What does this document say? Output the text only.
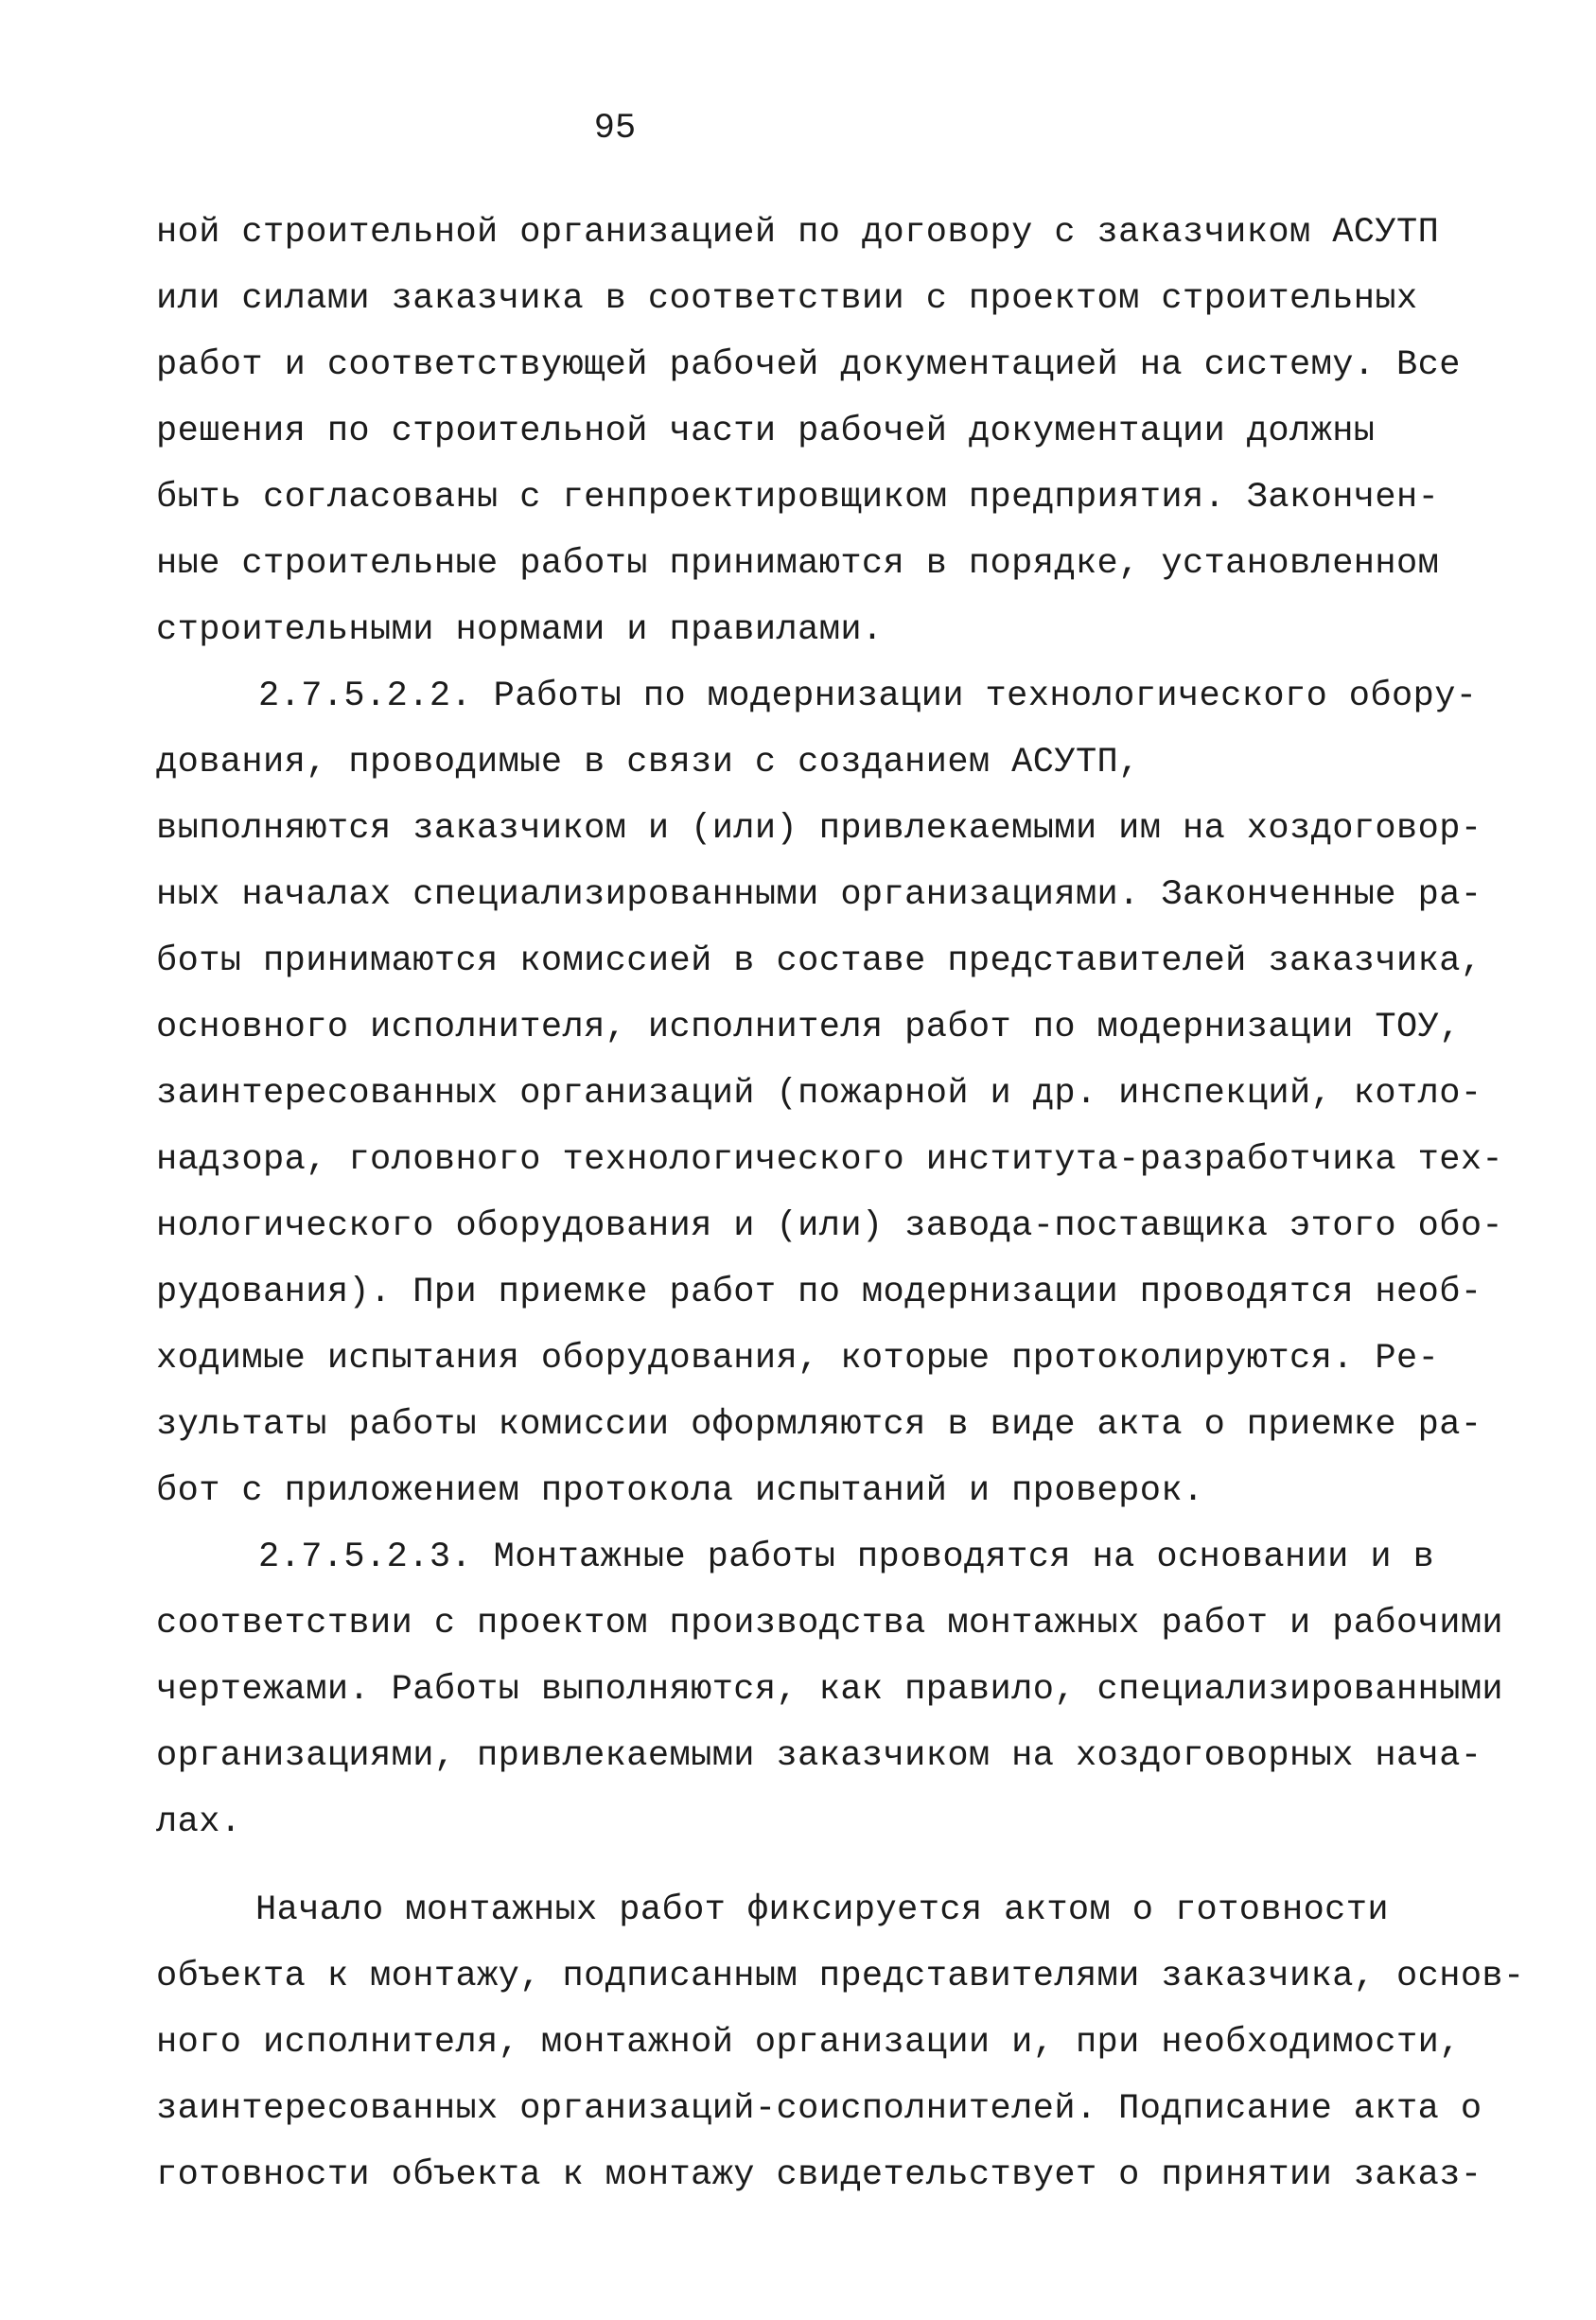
95
ной строительной организацией по договору с заказчиком АСУТП
или силами заказчика в соответствии с проектом строительных
работ и соответствующей рабочей документацией на систему. Все
решения по строительной части рабочей документации должны
быть согласованы с генпроектировщиком предприятия. Закончен-
ные строительные работы принимаются в порядке, установленном
строительными нормами и правилами.
2.7.5.2.2. Работы по модернизации технологического обору-
дования, проводимые в связи с созданием АСУТП,
выполняются заказчиком и (или) привлекаемыми им на хоздоговор-
ных началах специализированными организациями. Законченные ра-
боты принимаются комиссией в составе представителей заказчика,
основного исполнителя, исполнителя работ по модернизации ТОУ,
заинтересованных организаций (пожарной и др. инспекций, котло-
надзора, головного технологического института-разработчика тех-
нологического оборудования и (или) завода-поставщика этого обо-
рудования). При приемке работ по модернизации проводятся необ-
ходимые испытания оборудования, которые протоколируются. Ре-
зультаты работы комиссии оформляются в виде акта о приемке ра-
бот с приложением протокола испытаний и проверок.
2.7.5.2.3. Монтажные работы проводятся на основании и в
соответствии с проектом производства монтажных работ и рабочими
чертежами. Работы выполняются, как правило, специализированными
организациями, привлекаемыми заказчиком на хоздоговорных нача-
лах.
Начало монтажных работ фиксируется актом о готовности
объекта к монтажу, подписанным представителями заказчика, основ-
ного исполнителя, монтажной организации и, при необходимости,
заинтересованных организаций-соисполнителей. Подписание акта о
готовности объекта к монтажу свидетельствует о принятии заказ-
